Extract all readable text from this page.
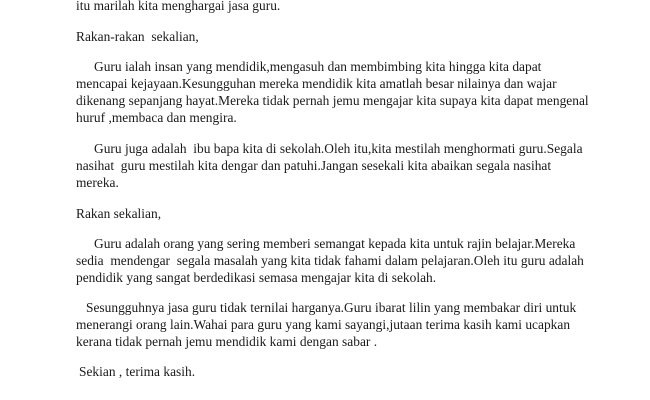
itu marilah kita menghargai jasa guru.
Rakan-rakan  sekalian,
Guru ialah insan yang mendidik,mengasuh dan membimbing kita hingga kita dapat
mencapai kejayaan.Kesungguhan mereka mendidik kita amatlah besar nilainya dan wajar
dikenang sepanjang hayat.Mereka tidak pernah jemu mengajar kita supaya kita dapat mengenal
huruf ,membaca dan mengira.
Guru juga adalah  ibu bapa kita di sekolah.Oleh itu,kita mestilah menghormati guru.Segala
nasihat  guru mestilah kita dengar dan patuhi.Jangan sesekali kita abaikan segala nasihat
mereka.
Rakan sekalian,
Guru adalah orang yang sering memberi semangat kepada kita untuk rajin belajar.Mereka
sedia  mendengar  segala masalah yang kita tidak fahami dalam pelajaran.Oleh itu guru adalah
pendidik yang sangat berdedikasi semasa mengajar kita di sekolah.
Sesungguhnya jasa guru tidak ternilai harganya.Guru ibarat lilin yang membakar diri untuk
menerangi orang lain.Wahai para guru yang kami sayangi,jutaan terima kasih kami ucapkan
kerana tidak pernah jemu mendidik kami dengan sabar .
Sekian , terima kasih.
